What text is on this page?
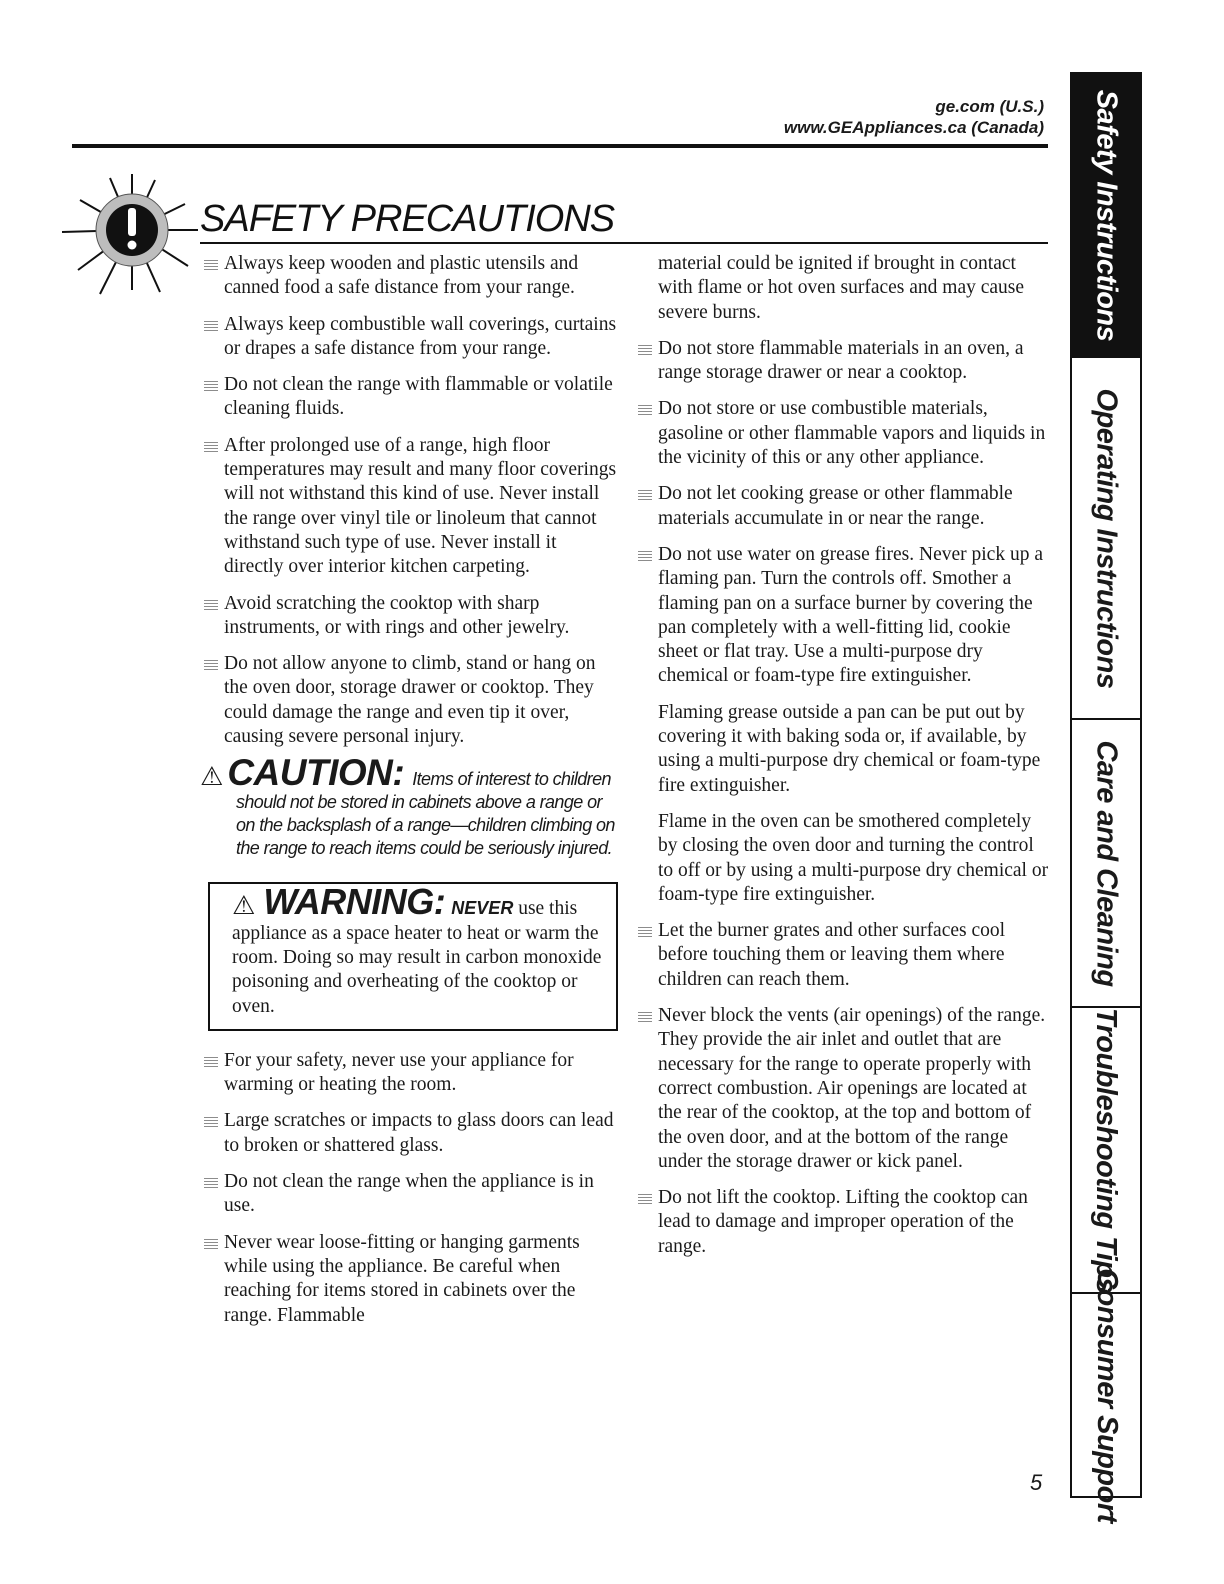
ge.com (U.S.)
www.GEAppliances.ca (Canada)
SAFETY PRECAUTIONS
Always keep wooden and plastic utensils and canned food a safe distance from your range.
Always keep combustible wall coverings, curtains or drapes a safe distance from your range.
Do not clean the range with flammable or volatile cleaning fluids.
After prolonged use of a range, high floor temperatures may result and many floor coverings will not withstand this kind of use. Never install the range over vinyl tile or linoleum that cannot withstand such type of use. Never install it directly over interior kitchen carpeting.
Avoid scratching the cooktop with sharp instruments, or with rings and other jewelry.
Do not allow anyone to climb, stand or hang on the oven door, storage drawer or cooktop. They could damage the range and even tip it over, causing severe personal injury.
⚠ CAUTION: Items of interest to children
should not be stored in cabinets above a range or on the backsplash of a range—children climbing on the range to reach items could be seriously injured.
⚠ WARNING: NEVER use this appliance as a space heater to heat or warm the room. Doing so may result in carbon monoxide poisoning and overheating of the cooktop or oven.
For your safety, never use your appliance for warming or heating the room.
Large scratches or impacts to glass doors can lead to broken or shattered glass.
Do not clean the range when the appliance is in use.
Never wear loose-fitting or hanging garments while using the appliance. Be careful when reaching for items stored in cabinets over the range. Flammable
material could be ignited if brought in contact with flame or hot oven surfaces and may cause severe burns.
Do not store flammable materials in an oven, a range storage drawer or near a cooktop.
Do not store or use combustible materials, gasoline or other flammable vapors and liquids in the vicinity of this or any other appliance.
Do not let cooking grease or other flammable materials accumulate in or near the range.
Do not use water on grease fires. Never pick up a flaming pan. Turn the controls off. Smother a flaming pan on a surface burner by covering the pan completely with a well-fitting lid, cookie sheet or flat tray. Use a multi-purpose dry chemical or foam-type fire extinguisher.
Flaming grease outside a pan can be put out by covering it with baking soda or, if available, by using a multi-purpose dry chemical or foam-type fire extinguisher.
Flame in the oven can be smothered completely by closing the oven door and turning the control to off or by using a multi-purpose dry chemical or foam-type fire extinguisher.
Let the burner grates and other surfaces cool before touching them or leaving them where children can reach them.
Never block the vents (air openings) of the range. They provide the air inlet and outlet that are necessary for the range to operate properly with correct combustion. Air openings are located at the rear of the cooktop, at the top and bottom of the oven door, and at the bottom of the range under the storage drawer or kick panel.
Do not lift the cooktop. Lifting the cooktop can lead to damage and improper operation of the range.
Safety Instructions
Operating Instructions
Care and Cleaning
Troubleshooting Tips
Consumer Support
5
